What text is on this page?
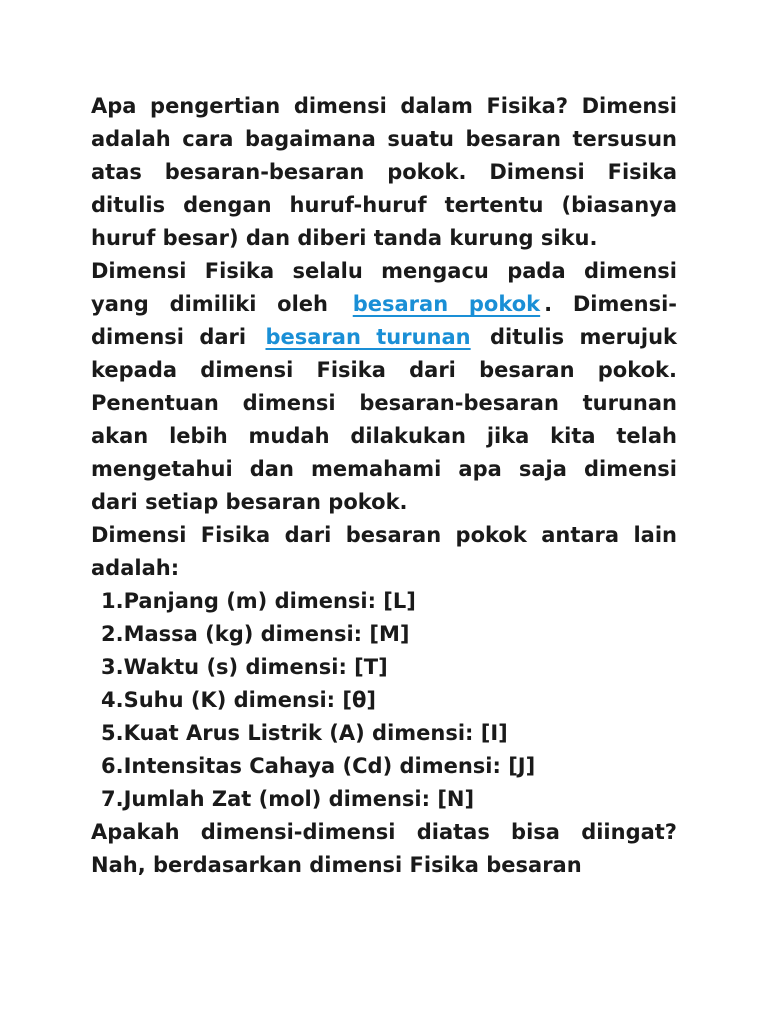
Apa pengertian dimensi dalam Fisika? Dimensi adalah cara bagaimana suatu besaran tersusun atas besaran-besaran pokok. Dimensi Fisika ditulis dengan huruf-huruf tertentu (biasanya huruf besar) dan diberi tanda kurung siku.

Dimensi Fisika selalu mengacu pada dimensi yang dimiliki oleh besaran pokok . Dimensi-dimensi dari besaran turunan ditulis merujuk kepada dimensi Fisika dari besaran pokok. Penentuan dimensi besaran-besaran turunan akan lebih mudah dilakukan jika kita telah mengetahui dan memahami apa saja dimensi dari setiap besaran pokok.

Dimensi Fisika dari besaran pokok antara lain adalah:

1.Panjang (m) dimensi: [L]
2.Massa (kg) dimensi: [M]
3.Waktu (s) dimensi: [T]
4.Suhu (K) dimensi: [θ]
5.Kuat Arus Listrik (A) dimensi: [I]
6.Intensitas Cahaya (Cd) dimensi: [J]
7.Jumlah Zat (mol) dimensi: [N]

Apakah dimensi-dimensi diatas bisa diingat? Nah, berdasarkan dimensi Fisika besaran
